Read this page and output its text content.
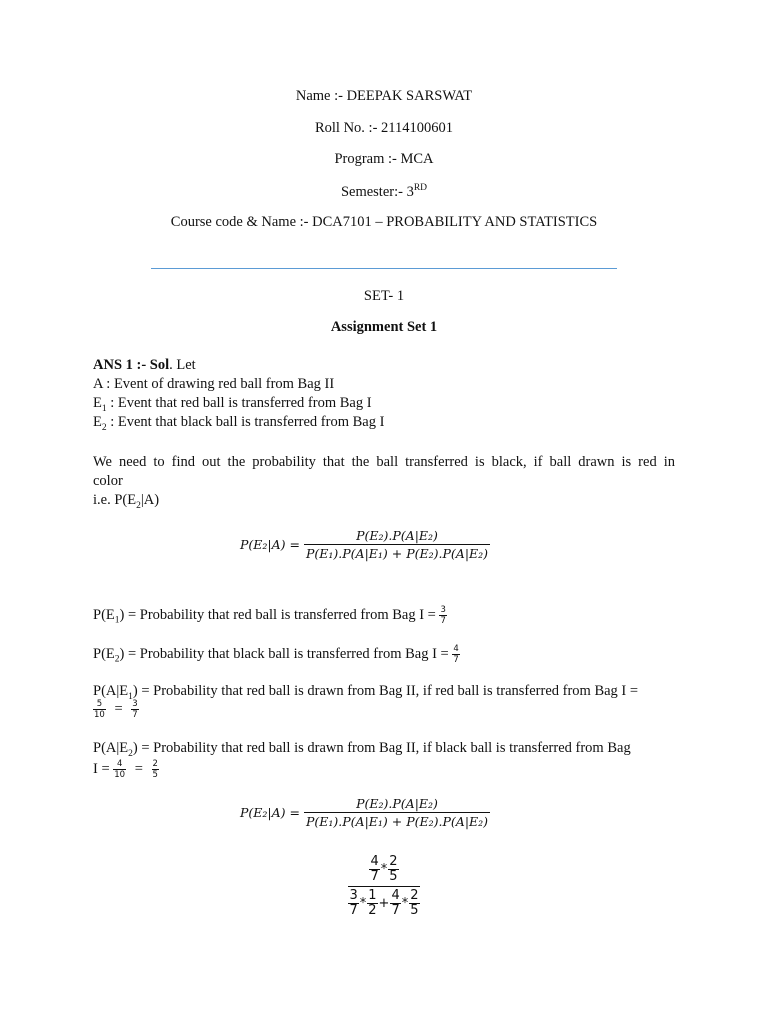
Name :- DEEPAK SARSWAT
Roll No. :- 2114100601
Program :- MCA
Semester:- 3RD
Course code & Name :- DCA7101 – PROBABILITY AND STATISTICS
SET- 1
Assignment Set 1
ANS 1 :- Sol. Let
A : Event of drawing red ball from Bag II
$E_1$ : Event that red ball is transferred from Bag I
$E_2$ : Event that black ball is transferred from Bag I
We need to find out the probability that the ball transferred is black, if ball drawn is red in
color
i.e. $P(E_2|A)$
$P(E_2|A) = \frac{\text{P(E₂).P(A|E₂)}}{\text{P(E₁).P(A|E₁) + P(E₂).P(A|E₂)}}$
$P(E_1)$ = Probability that red ball is transferred from Bag $I = \frac{3}{7}$
$P(E_2)$ = Probability that black ball is transferred from Bag $I = \frac{4}{7}$
$P(A|E_1)$ = Probability that red ball is drawn from Bag II, if red ball is transferred from Bag I =
$\frac{5}{10} = \frac{3}{7}$
$P(A|E_2)$ = Probability that red ball is drawn from Bag II, if black ball is transferred from Bag
$I = \frac{4}{10} = \frac{2}{5}$
$P(E_2|A) = \frac{\text{P(E₂).P(A|E₂)}}{\text{P(E₁).P(A|E₁) + P(E₂).P(A|E₂)}}$
4
7 * 2
5
3
7 * 1
$2 + \frac{4}{7} * 2$
5
